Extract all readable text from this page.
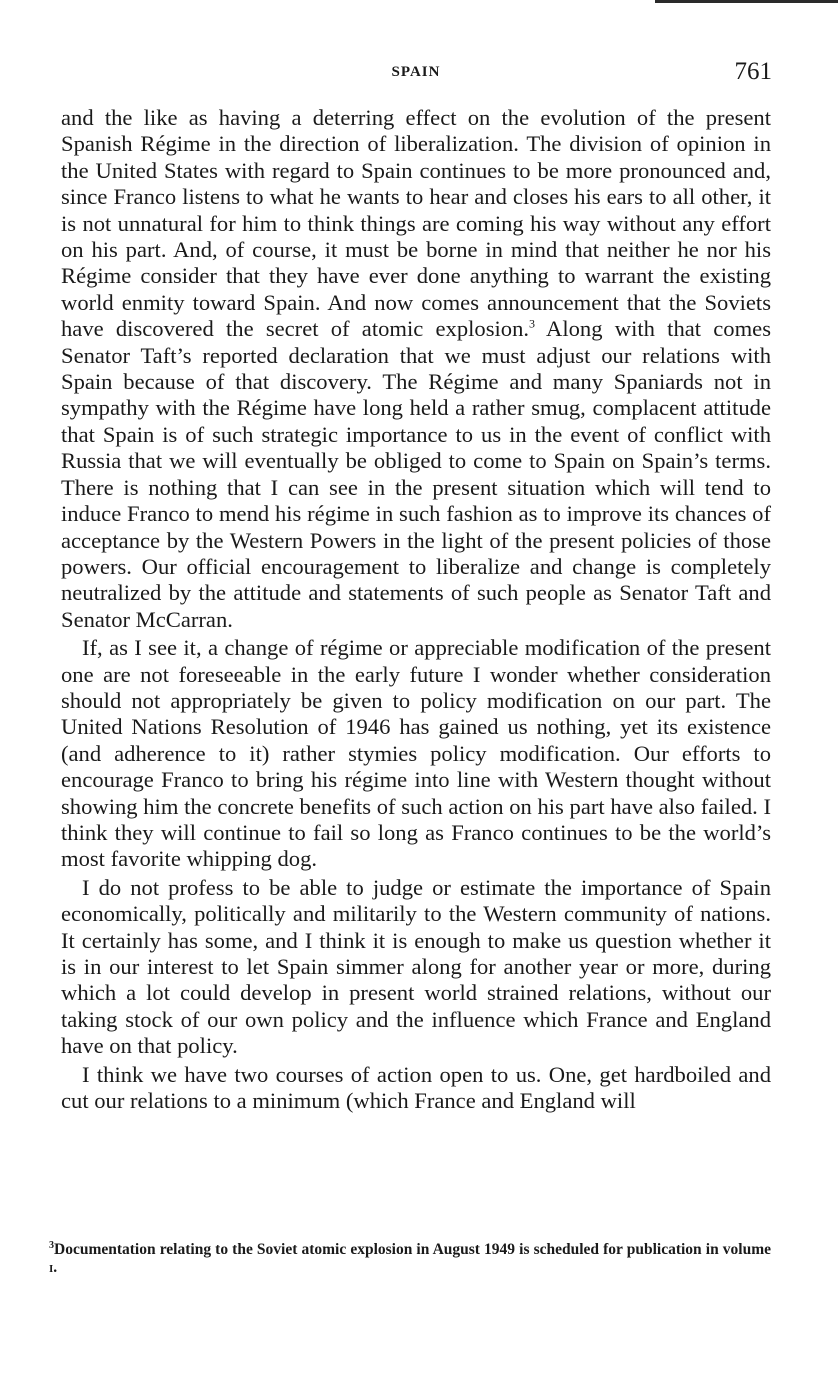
SPAIN	761

and the like as having a deterring effect on the evolution of the present Spanish Régime in the direction of liberalization. The division of opinion in the United States with regard to Spain continues to be more pronounced and, since Franco listens to what he wants to hear and closes his ears to all other, it is not unnatural for him to think things are coming his way without any effort on his part. And, of course, it must be borne in mind that neither he nor his Régime consider that they have ever done anything to warrant the existing world enmity toward Spain. And now comes announcement that the Soviets have discovered the secret of atomic explosion.$^3$ Along with that comes Senator Taft’s reported declaration that we must adjust our relations with Spain because of that discovery. The Régime and many Spaniards not in sympathy with the Régime have long held a rather smug, complacent attitude that Spain is of such strategic importance to us in the event of conflict with Russia that we will eventually be obliged to come to Spain on Spain’s terms. There is nothing that I can see in the present situation which will tend to induce Franco to mend his régime in such fashion as to improve its chances of acceptance by the Western Powers in the light of the present policies of those powers. Our official encouragement to liberalize and change is completely neutralized by the attitude and statements of such people as Senator Taft and Senator McCarran.

If, as I see it, a change of régime or appreciable modification of the present one are not foreseeable in the early future I wonder whether consideration should not appropriately be given to policy modification on our part. The United Nations Resolution of 1946 has gained us nothing, yet its existence (and adherence to it) rather stymies policy modification. Our efforts to encourage Franco to bring his régime into line with Western thought without showing him the concrete benefits of such action on his part have also failed. I think they will continue to fail so long as Franco continues to be the world’s most favorite whipping dog.

I do not profess to be able to judge or estimate the importance of Spain economically, politically and militarily to the Western community of nations. It certainly has some, and I think it is enough to make us question whether it is in our interest to let Spain simmer along for another year or more, during which a lot could develop in present world strained relations, without our taking stock of our own policy and the influence which France and England have on that policy.

I think we have two courses of action open to us. One, get hardboiled and cut our relations to a minimum (which France and England will

$^3$Documentation relating to the Soviet atomic explosion in August 1949 is scheduled for publication in volume i.
